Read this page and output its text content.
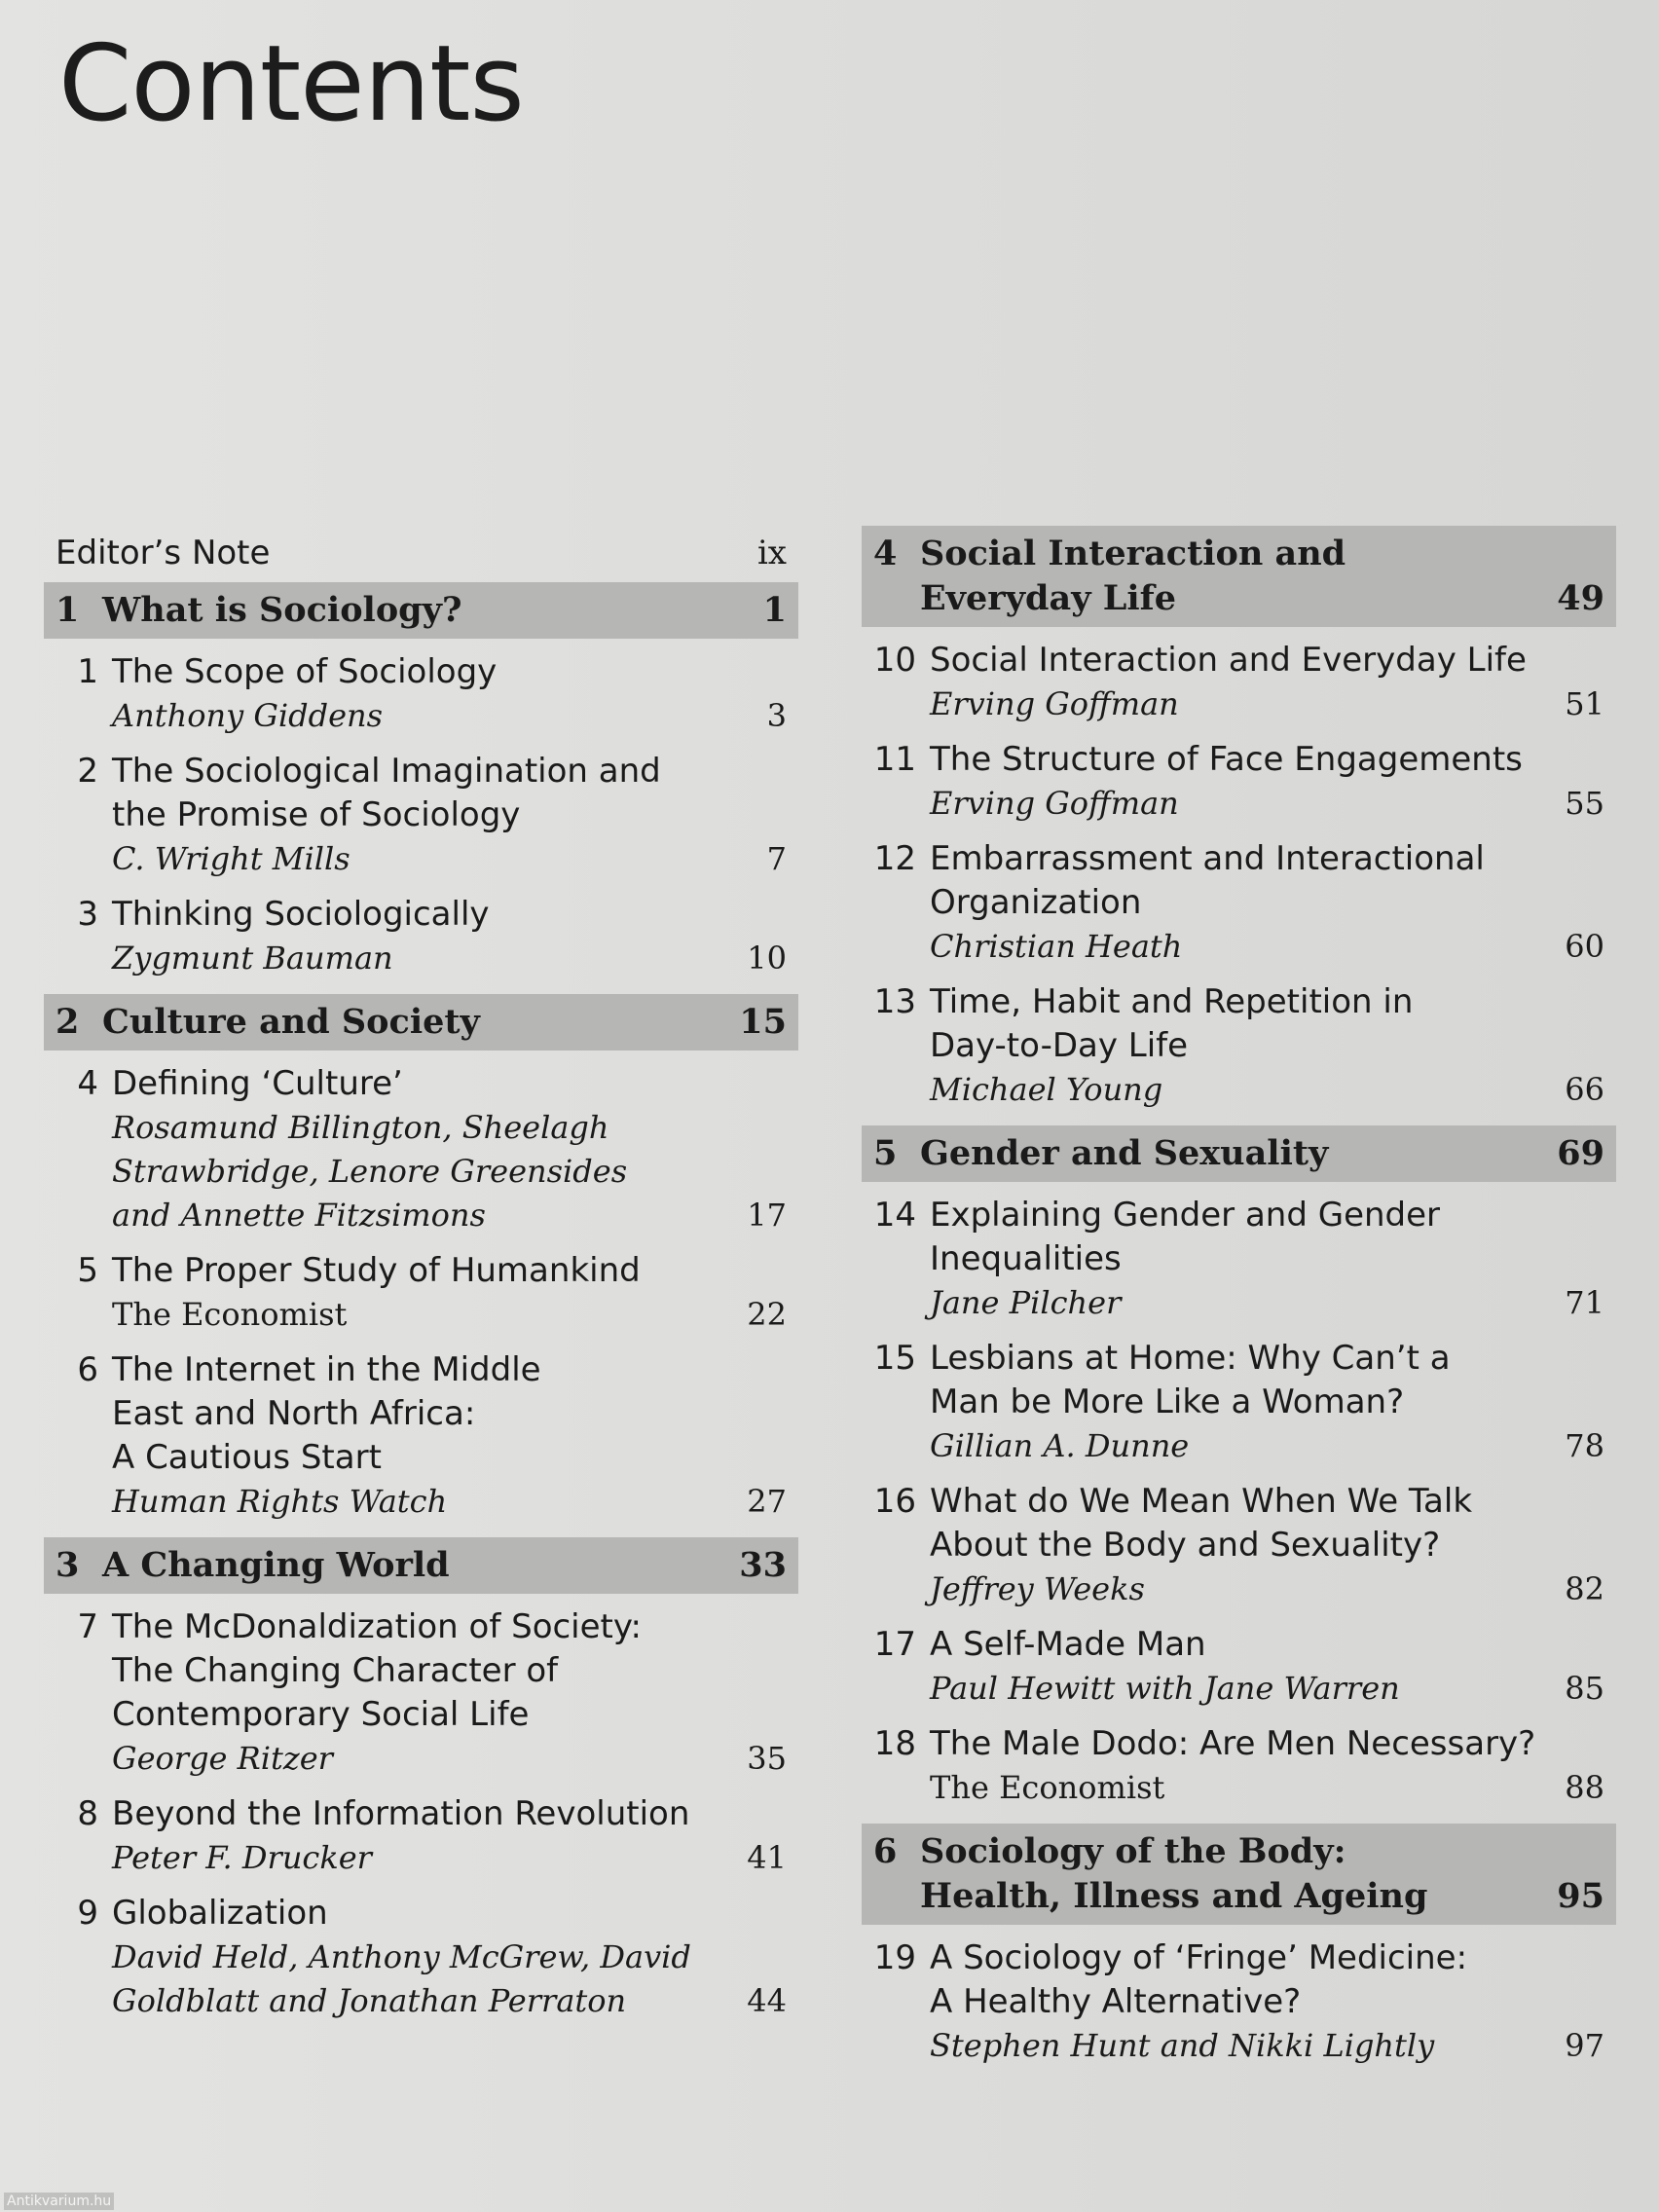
Contents
Editor’s Note	ix
1 What is Sociology?	1
1 The Scope of Sociology
Anthony Giddens	3
2 The Sociological Imagination and
the Promise of Sociology
C. Wright Mills	7
3 Thinking Sociologically
Zygmunt Bauman	10
2 Culture and Society	15
4 Defining ‘Culture’
Rosamund Billington, Sheelagh
Strawbridge, Lenore Greensides
and Annette Fitzsimons	17
5 The Proper Study of Humankind
The Economist	22
6 The Internet in the Middle
East and North Africa:
A Cautious Start
Human Rights Watch	27
3 A Changing World	33
7 The McDonaldization of Society:
The Changing Character of
Contemporary Social Life
George Ritzer	35
8 Beyond the Information Revolution
Peter F. Drucker	41
9 Globalization
David Held, Anthony McGrew, David
Goldblatt and Jonathan Perraton	44
4 Social Interaction and
Everyday Life	49
10 Social Interaction and Everyday Life
Erving Goffman	51
11 The Structure of Face Engagements
Erving Goffman	55
12 Embarrassment and Interactional
Organization
Christian Heath	60
13 Time, Habit and Repetition in
Day-to-Day Life
Michael Young	66
5 Gender and Sexuality	69
14 Explaining Gender and Gender
Inequalities
Jane Pilcher	71
15 Lesbians at Home: Why Can’t a
Man be More Like a Woman?
Gillian A. Dunne	78
16 What do We Mean When We Talk
About the Body and Sexuality?
Jeffrey Weeks	82
17 A Self-Made Man
Paul Hewitt with Jane Warren	85
18 The Male Dodo: Are Men Necessary?
The Economist	88
6 Sociology of the Body:
Health, Illness and Ageing	95
19 A Sociology of ‘Fringe’ Medicine:
A Healthy Alternative?
Stephen Hunt and Nikki Lightly	97
Antikvarium.hu
